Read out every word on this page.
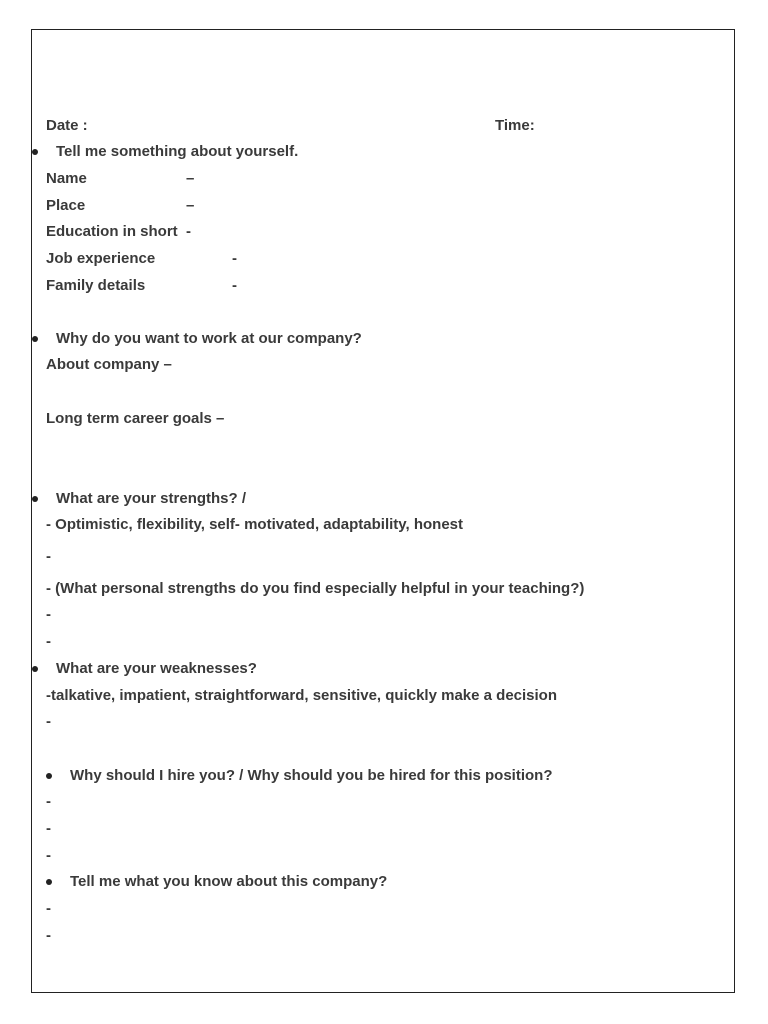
Date :	Time:
Tell me something about yourself.
Name	–
Place	–
Education in short -
Job experience	-
Family details	-
Why do you want to work at our company?
About company –
Long term career goals –
What are your strengths? /
- Optimistic, flexibility, self- motivated, adaptability, honest
-
- (What personal strengths do you find especially helpful in your teaching?)
-
-
What are your weaknesses?
-talkative, impatient, straightforward, sensitive, quickly make a decision
-
Why should I hire you? / Why should you be hired for this position?
-
-
-
Tell me what you know about this company?
-
-
